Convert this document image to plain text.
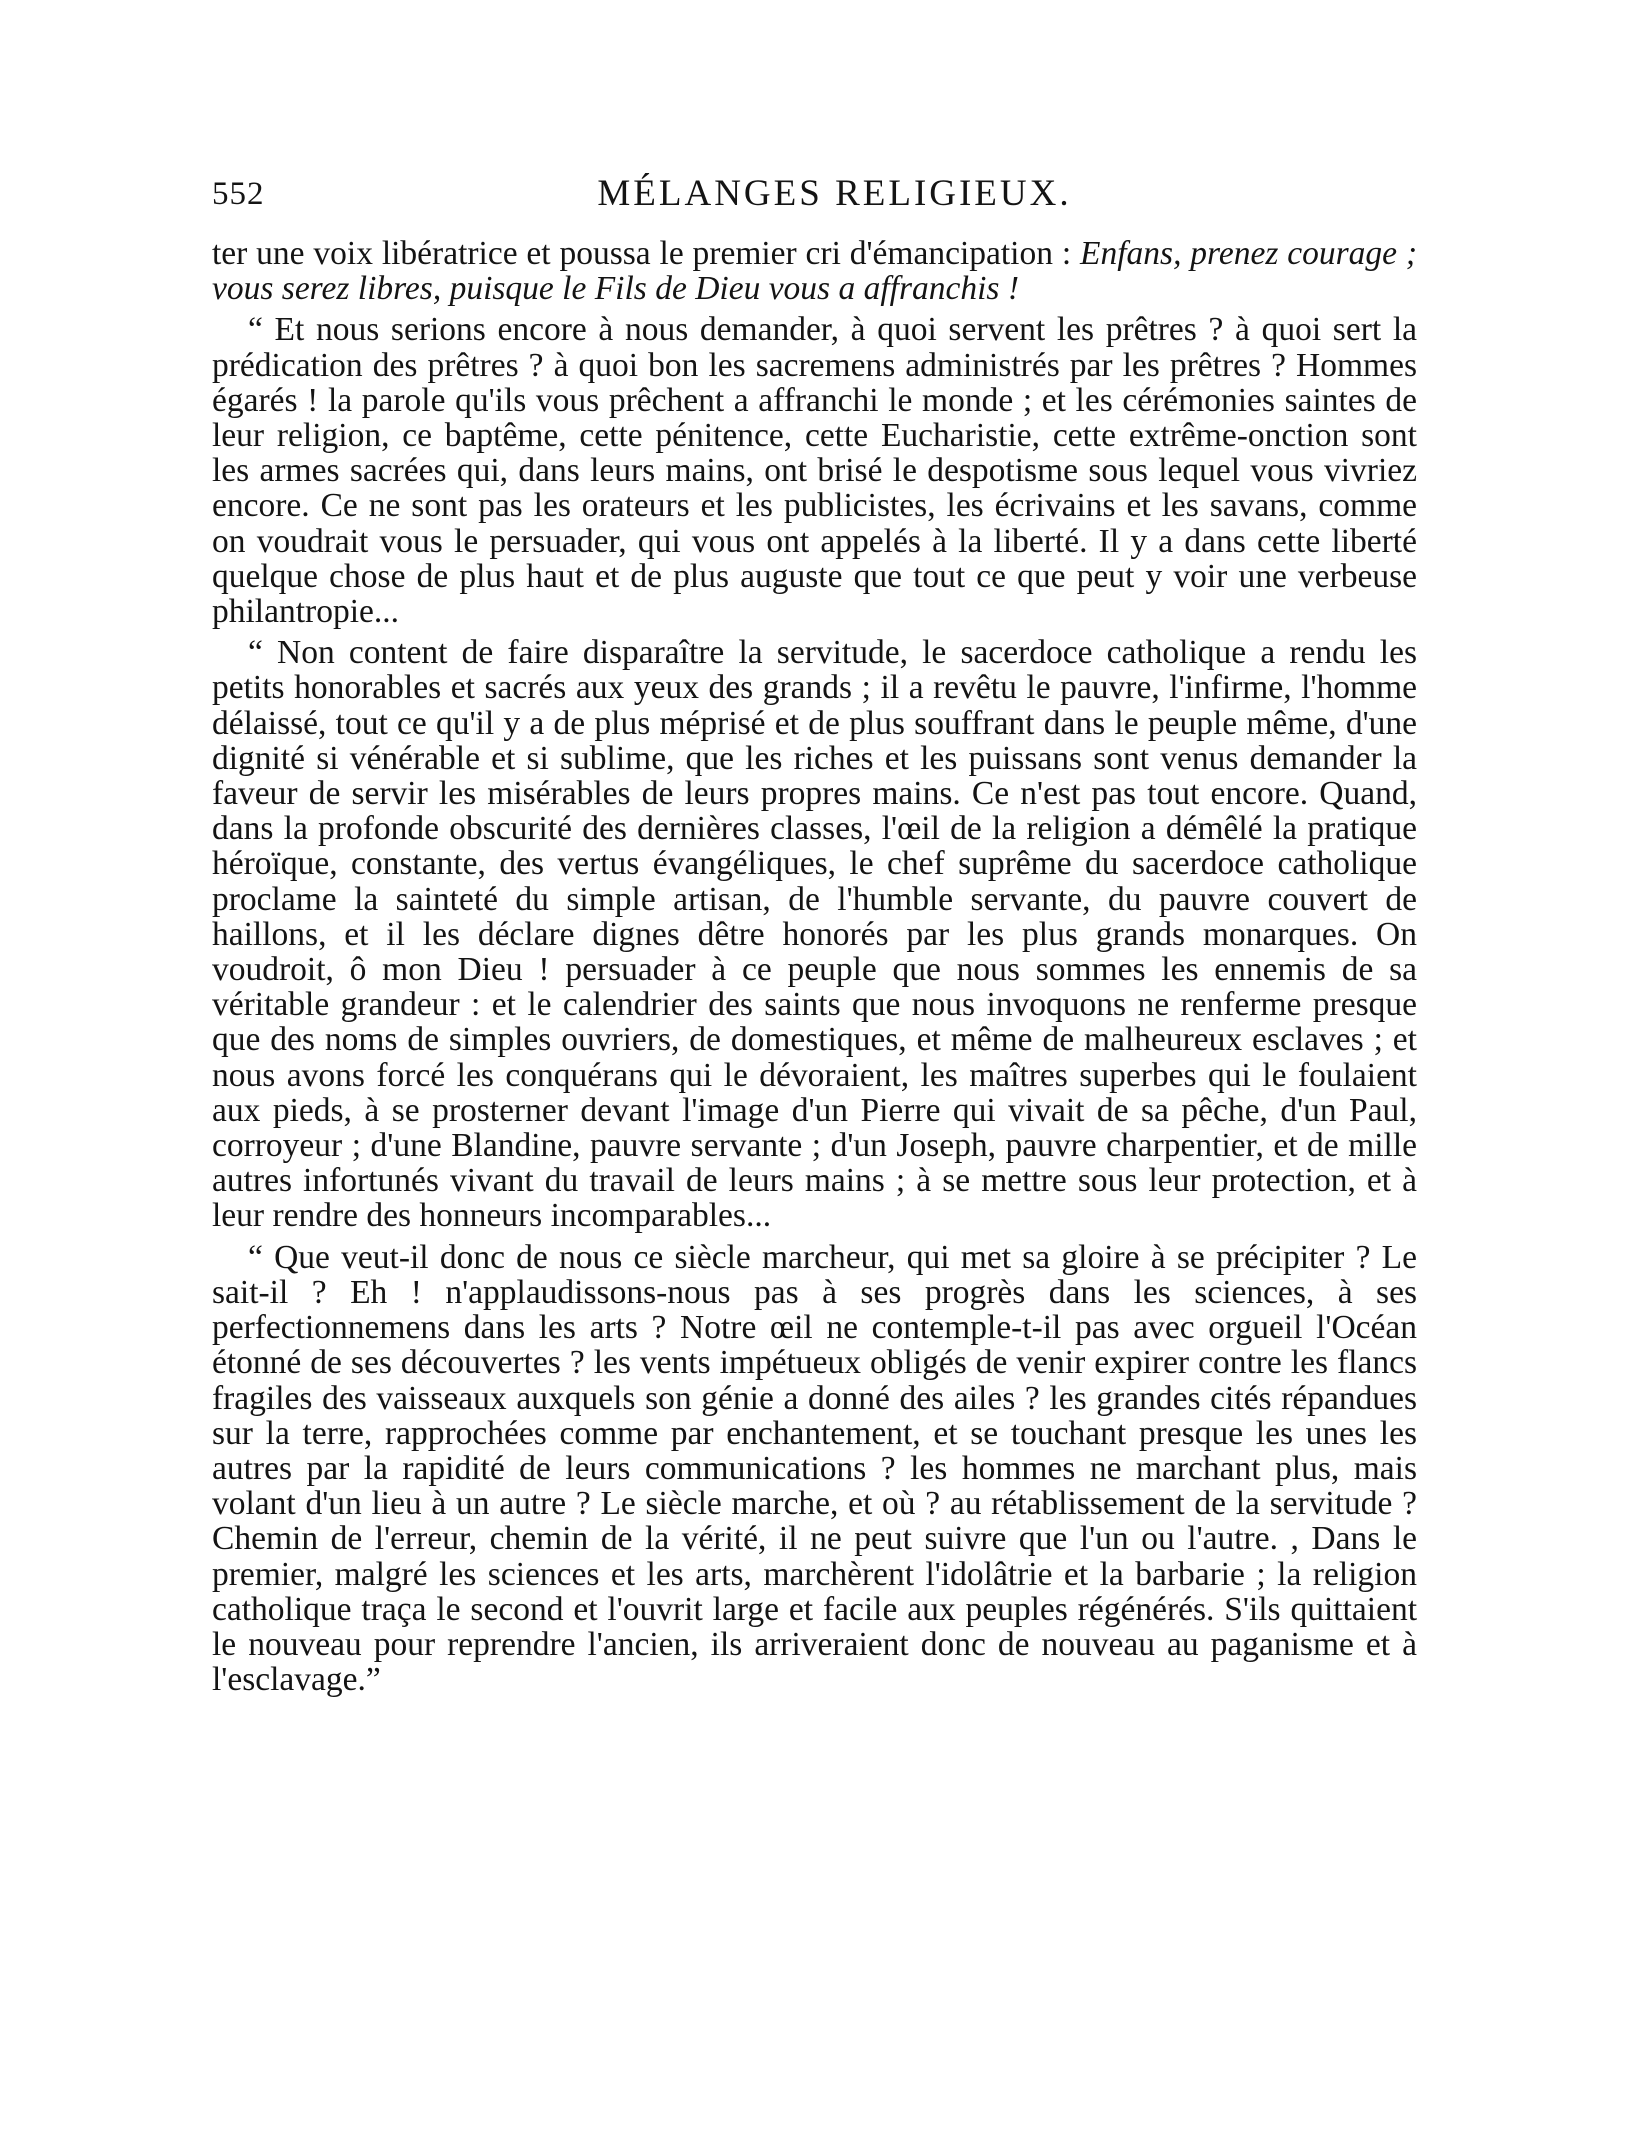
552	MÉLANGES RELIGIEUX.

ter une voix libératrice et poussa le premier cri d'émancipation : Enfans, prenez courage ; vous serez libres, puisque le Fils de Dieu vous a affranchis !

“ Et nous serions encore à nous demander, à quoi servent les prêtres ? à quoi sert la prédication des prêtres ? à quoi bon les sacremens administrés par les prêtres ? Hommes égarés ! la parole qu'ils vous prêchent a affranchi le monde ; et les cérémonies saintes de leur religion, ce baptême, cette pénitence, cette Eucharistie, cette extrême-onction sont les armes sacrées qui, dans leurs mains, ont brisé le despotisme sous lequel vous vivriez encore. Ce ne sont pas les orateurs et les publicistes, les écrivains et les savans, comme on voudrait vous le persuader, qui vous ont appelés à la liberté. Il y a dans cette liberté quelque chose de plus haut et de plus auguste que tout ce que peut y voir une verbeuse philantropie...

“ Non content de faire disparaître la servitude, le sacerdoce catholique a rendu les petits honorables et sacrés aux yeux des grands ; il a revêtu le pauvre, l'infirme, l'homme délaissé, tout ce qu'il y a de plus méprisé et de plus souffrant dans le peuple même, d'une dignité si vénérable et si sublime, que les riches et les puissans sont venus demander la faveur de servir les misérables de leurs propres mains. Ce n'est pas tout encore. Quand, dans la profonde obscurité des dernières classes, l'œil de la religion a démêlé la pratique héroïque, constante, des vertus évangéliques, le chef suprême du sacerdoce catholique proclame la sainteté du simple artisan, de l'humble servante, du pauvre couvert de haillons, et il les déclare dignes dêtre honorés par les plus grands monarques. On voudroit, ô mon Dieu ! persuader à ce peuple que nous sommes les ennemis de sa véritable grandeur : et le calendrier des saints que nous invoquons ne renferme presque que des noms de simples ouvriers, de domestiques, et même de malheureux esclaves ; et nous avons forcé les conquérans qui le dévoraient, les maîtres superbes qui le foulaient aux pieds, à se prosterner devant l'image d'un Pierre qui vivait de sa pêche, d'un Paul, corroyeur ; d'une Blandine, pauvre servante ; d'un Joseph, pauvre charpentier, et de mille autres infortunés vivant du travail de leurs mains ; à se mettre sous leur protection, et à leur rendre des honneurs incomparables...

“ Que veut-il donc de nous ce siècle marcheur, qui met sa gloire à se précipiter ? Le sait-il ? Eh ! n'applaudissons-nous pas à ses progrès dans les sciences, à ses perfectionnemens dans les arts ? Notre œil ne contemple-t-il pas avec orgueil l'Océan étonné de ses découvertes ? les vents impétueux obligés de venir expirer contre les flancs fragiles des vaisseaux auxquels son génie a donné des ailes ? les grandes cités répandues sur la terre, rapprochées comme par enchantement, et se touchant presque les unes les autres par la rapidité de leurs communications ? les hommes ne marchant plus, mais volant d'un lieu à un autre ? Le siècle marche, et où ? au rétablissement de la servitude ? Chemin de l'erreur, chemin de la vérité, il ne peut suivre que l'un ou l'autre. , Dans le premier, malgré les sciences et les arts, marchèrent l'idolâtrie et la barbarie ; la religion catholique traça le second et l'ouvrit large et facile aux peuples régénérés. S'ils quittaient le nouveau pour reprendre l'ancien, ils arriveraient donc de nouveau au paganisme et à l'esclavage.”
